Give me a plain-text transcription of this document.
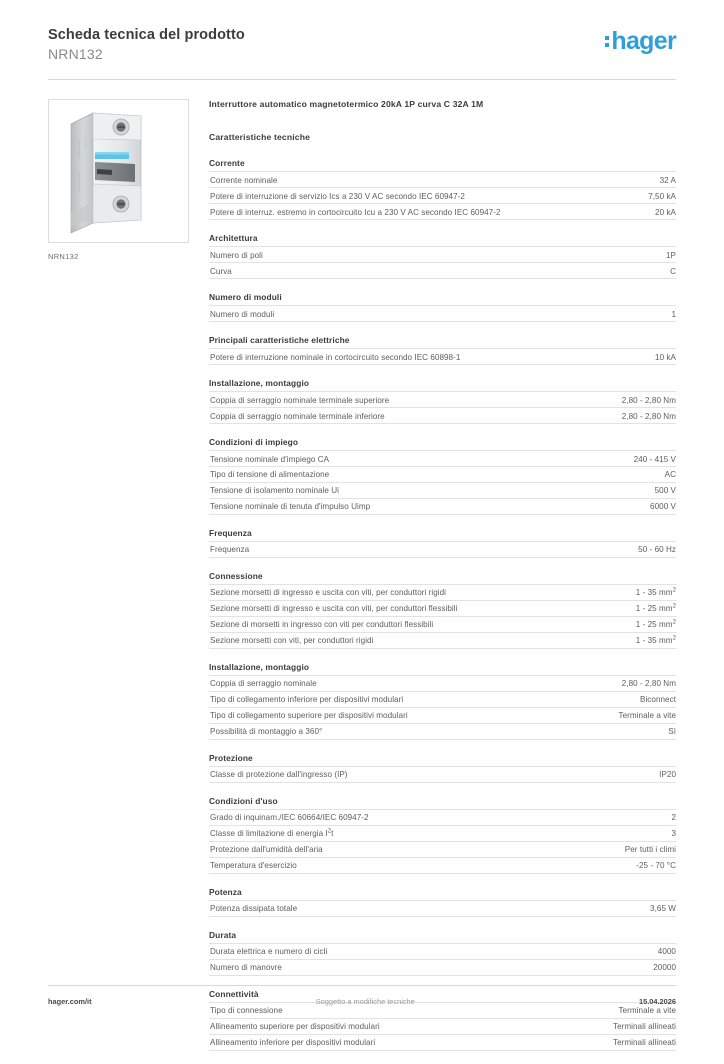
Scheda tecnica del prodotto
NRN132	hager
NRN132
Interruttore automatico magnetotermico 20kA 1P curva C 32A 1M
Caratteristiche tecniche
Corrente
Corrente nominale	32 A
Potere di interruzione di servizio Ics a 230 V AC secondo IEC 60947-2	7,50 kA
Potere di interruz. estremo in cortocircuito Icu a 230 V AC secondo IEC 60947-2	20 kA
Architettura
Numero di poli	1P
Curva	C
Numero di moduli
Numero di moduli	1
Principali caratteristiche elettriche
Potere di interruzione nominale in cortocircuito secondo IEC 60898-1	10 kA
Installazione, montaggio
Coppia di serraggio nominale terminale superiore	2,80 - 2,80 Nm
Coppia di serraggio nominale terminale inferiore	2,80 - 2,80 Nm
Condizioni di impiego
Tensione nominale d'impiego CA	240 - 415 V
Tipo di tensione di alimentazione	AC
Tensione di isolamento nominale Ui	500 V
Tensione nominale di tenuta d'impulso Uimp	6000 V
Frequenza
Frequenza	50 - 60 Hz
Connessione
Sezione morsetti di ingresso e uscita con viti, per conduttori rigidi	1 - 35 $mm^2$
Sezione morsetti di ingresso e uscita con viti, per conduttori flessibili	1 - 25 $mm^2$
Sezione di morsetti in ingresso con viti per conduttori flessibili	1 - 25 $mm^2$
Sezione morsetti con viti, per conduttori rigidi	1 - 35 $mm^2$
Installazione, montaggio
Coppia di serraggio nominale	2,80 - 2,80 Nm
Tipo di collegamento inferiore per dispositivi modulari	Biconnect
Tipo di collegamento superiore per dispositivi modulari	Terminale a vite
Possibilità di montaggio a 360°	Sì
Protezione
Classe di protezione dall'ingresso (IP)	IP20
Condizioni d'uso
Grado di inquinam./IEC 60664/IEC 60947-2	2
Classe di limitazione di energia $I^2t$	3
Protezione dall'umidità dell'aria	Per tutti i climi
Temperatura d'esercizio	-25 - 70 °C
Potenza
Potenza dissipata totale	3,65 W
Durata
Durata elettrica e numero di cicli	4000
Numero di manovre	20000
Connettività
Tipo di connessione	Terminale a vite
Allineamento superiore per dispositivi modulari	Terminali allineati
Allineamento inferiore per dispositivi modulari	Terminali allineati
hager.com/it	Soggetto a modifiche tecniche	15.04.2026
